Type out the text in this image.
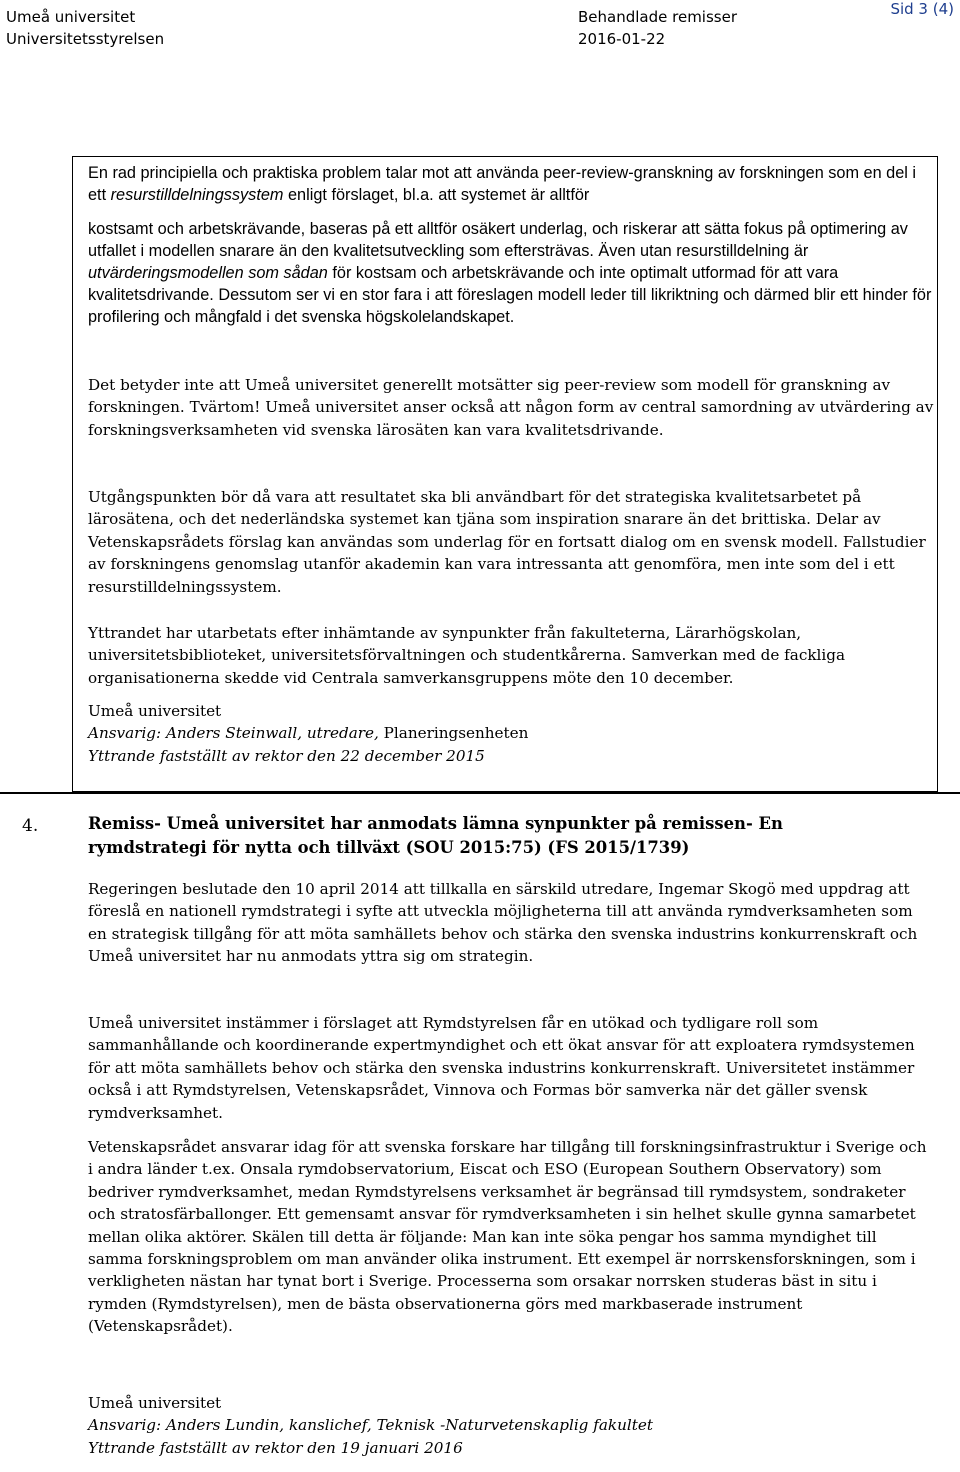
Umeå universitet
Universitetsstyrelsen
Behandlade remisser
2016-01-22
Sid 3 (4)
En rad principiella och praktiska problem talar mot att använda peer-review-granskning av forskningen som en del i ett resurstilldelningssystem enligt förslaget, bl.a. att systemet är alltför
kostsamt och arbetskrävande, baseras på ett alltför osäkert underlag, och riskerar att sätta fokus på optimering av utfallet i modellen snarare än den kvalitetsutveckling som eftersträvas. Även utan resurstilldelning är utvärderingsmodellen som sådan för kostsam och arbetskrävande och inte optimalt utformad för att vara kvalitetsdrivande. Dessutom ser vi en stor fara i att föreslagen modell leder till likriktning och därmed blir ett hinder för profilering och mångfald i det svenska högskolelandskapet.
Det betyder inte att Umeå universitet generellt motsätter sig peer-review som modell för granskning av forskningen. Tvärtom! Umeå universitet anser också att någon form av central samordning av utvärdering av forskningsverksamheten vid svenska lärosäten kan vara kvalitetsdrivande.
Utgångspunkten bör då vara att resultatet ska bli användbart för det strategiska kvalitetsarbetet på lärosätena, och det nederländska systemet kan tjäna som inspiration snarare än det brittiska. Delar av Vetenskapsrådets förslag kan användas som underlag för en fortsatt dialog om en svensk modell. Fallstudier av forskningens genomslag utanför akademin kan vara intressanta att genomföra, men inte som del i ett resurstilldelningssystem.
Yttrandet har utarbetats efter inhämtande av synpunkter från fakulteterna, Lärarhögskolan, universitetsbiblioteket, universitetsförvaltningen och studentkårerna. Samverkan med de fackliga organisationerna skedde vid Centrala samverkansgruppens möte den 10 december.
Umeå universitet
Ansvarig: Anders Steinwall, utredare, Planeringsenheten
Yttrande fastställt av rektor den 22 december 2015
4.	Remiss- Umeå universitet har anmodats lämna synpunkter på remissen- En rymdstrategi för nytta och tillväxt (SOU 2015:75) (FS 2015/1739)
Regeringen beslutade den 10 april 2014 att tillkalla en särskild utredare, Ingemar Skogö med uppdrag att föreslå en nationell rymdstrategi i syfte att utveckla möjligheterna till att använda rymdverksamheten som en strategisk tillgång för att möta samhällets behov och stärka den svenska industrins konkurrenskraft och Umeå universitet har nu anmodats yttra sig om strategin.
Umeå universitet instämmer i förslaget att Rymdstyrelsen får en utökad och tydligare roll som sammanhållande och koordinerande expertmyndighet och ett ökat ansvar för att exploatera rymdsystemen för att möta samhällets behov och stärka den svenska industrins konkurrenskraft. Universitetet instämmer också i att Rymdstyrelsen, Vetenskapsrådet, Vinnova och Formas bör samverka när det gäller svensk rymdverksamhet.
Vetenskapsrådet ansvarar idag för att svenska forskare har tillgång till forskningsinfrastruktur i Sverige och i andra länder t.ex. Onsala rymdobservatorium, Eiscat och ESO (European Southern Observatory) som bedriver rymdverksamhet, medan Rymdstyrelsens verksamhet är begränsad till rymdsystem, sondraketer och stratosfärballonger. Ett gemensamt ansvar för rymdverksamheten i sin helhet skulle gynna samarbetet mellan olika aktörer. Skälen till detta är följande: Man kan inte söka pengar hos samma myndighet till samma forskningsproblem om man använder olika instrument. Ett exempel är norrskensforskningen, som i verkligheten nästan har tynat bort i Sverige. Processerna som orsakar norrsken studeras bäst in situ i rymden (Rymdstyrelsen), men de bästa observationerna görs med markbaserade instrument (Vetenskapsrådet).
Umeå universitet
Ansvarig: Anders Lundin, kanslichef, Teknisk -Naturvetenskaplig fakultet
Yttrande fastställt av rektor den 19 januari 2016
